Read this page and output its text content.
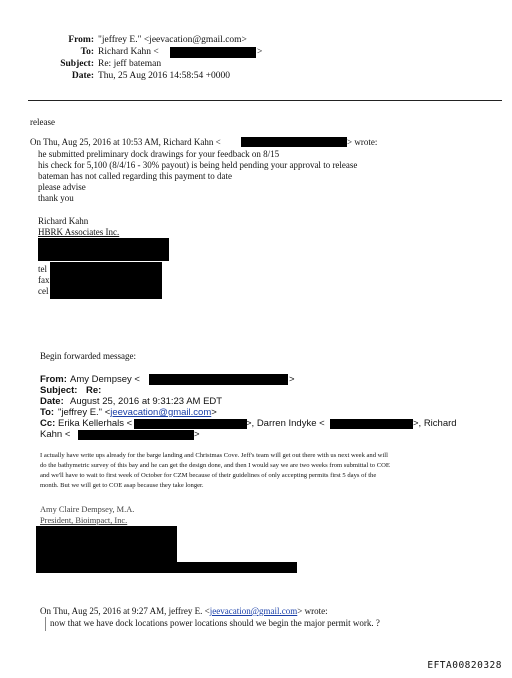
From: "jeffrey E." <jeevacation@gmail.com>
To: Richard Kahn <	>
Subject: Re: jeff bateman
Date: Thu, 25 Aug 2016 14:58:54 +0000
release
On Thu, Aug 25, 2016 at 10:53 AM, Richard Kahn <	> wrote:
he submitted preliminary dock drawings for your feedback on 8/15
his check for 5,100 (8/4/16 - 30% payout) is being held pending your approval to release
bateman has not called regarding this payment to date
please advise
thank you
Richard Kahn
HBRK Associates Inc.
tel
fax
cel
Begin forwarded message:
From: Amy Dempsey <	>
Subject: Re:
Date: August 25, 2016 at 9:31:23 AM EDT
To: "jeffrey E." <jeevacation@gmail.com>
Cc: Erika Kellerhals <	>, Darren Indyke <	>, Richard
Kahn <	>
I actually have write ups already for the barge landing and Christmas Cove. Jeff's team will get out there with us next week and will
do the bathymetric survey of this bay and he can get the design done, and then I would say we are two weeks from submittal to COE
and we'll have to wait to first week of October for CZM because of their guidelines of only accepting permits first 5 days of the
month. But we will get to COE asap because they take longer.
Amy Claire Dempsey, M.A.
President, Bioimpact, Inc.
On Thu, Aug 25, 2016 at 9:27 AM, jeffrey E. <jeevacation@gmail.com> wrote:
now that we have dock locations power locations should we begin the major permit work. ?
EFTA00820328
